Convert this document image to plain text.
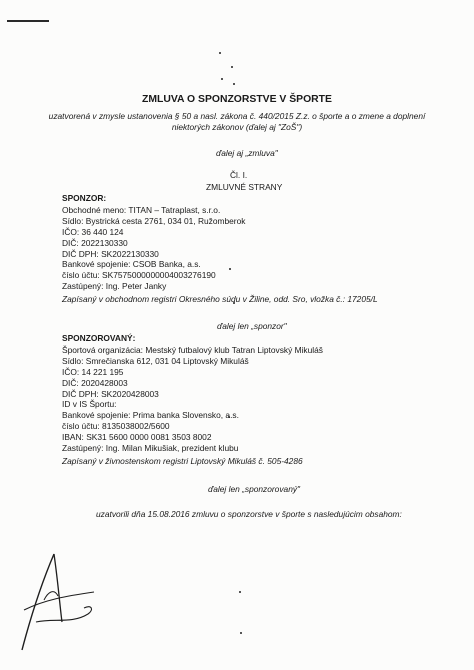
ZMLUVA O SPONZORSTVE V ŠPORTE
uzatvorená v zmysle ustanovenia § 50 a nasl. zákona č. 440/2015 Z.z. o športe a o zmene a doplnení
niektorých zákonov (ďalej aj "ZoŠ")
ďalej aj „zmluva"
Čl. I.
ZMLUVNÉ STRANY
SPONZOR:
Obchodné meno: TITAN – Tatraplast, s.r.o.
Sídlo: Bystrická cesta 2761, 034 01, Ružomberok
IČO: 36 440 124
DIČ: 2022130330
DIČ DPH: SK2022130330
Bankové spojenie: CSOB Banka, a.s.
číslo účtu: SK7575000000004003276190
Zastúpený: Ing. Peter Janky
Zapísaný v obchodnom registri Okresného súdu v Žiline, odd. Sro, vložka č.: 17205/L
ďalej len „sponzor"
SPONZOROVANÝ:
Športová organizácia: Mestský futbalový klub Tatran Liptovský Mikuláš
Sídlo: Smrečianska 612, 031 04 Liptovský Mikuláš
IČO: 14 221 195
DIČ: 2020428003
DIČ DPH: SK2020428003
ID v IS Športu:
Bankové spojenie: Prima banka Slovensko, a.s.
číslo účtu: 8135038002/5600
IBAN: SK31 5600 0000 0081 3503 8002
Zastúpený: Ing. Milan Mikušiak, prezident klubu
Zapísaný v živnostenskom registri Liptovský Mikuláš č. 505-4286
ďalej len „sponzorovaný"
uzatvorili dňa 15.08.2016 zmluvu o sponzorstve v športe s nasledujúcim obsahom:
